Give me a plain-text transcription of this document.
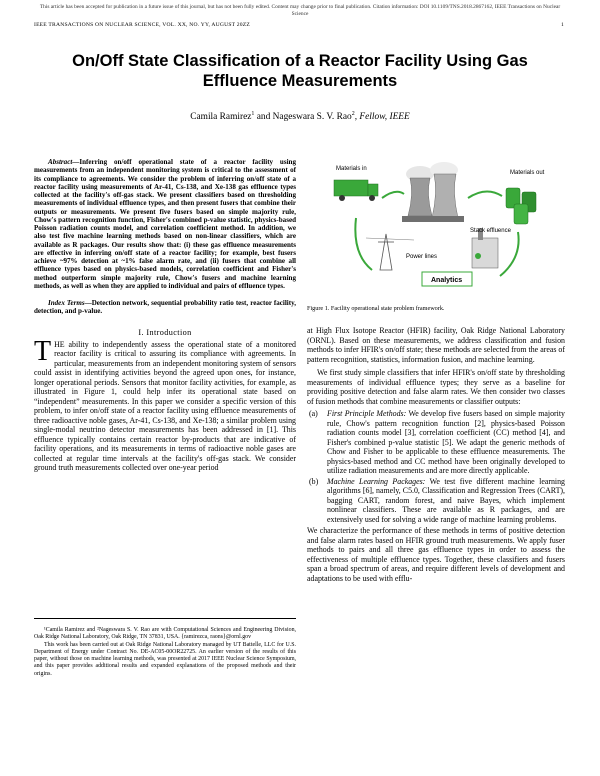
This article has been accepted for publication in a future issue of this journal, but has not been fully edited. Content may change prior to final publication. Citation information: DOI 10.1109/TNS.2018.2867162, IEEE Transactions on Nuclear Science
IEEE TRANSACTIONS ON NUCLEAR SCIENCE, VOL. XX, NO. YY, AUGUST 20ZZ	1
On/Off State Classification of a Reactor Facility Using Gas Effluence Measurements
Camila Ramirez$^1$ and Nageswara S. V. Rao$^2$, Fellow, IEEE

Abstract—Inferring on/off operational state of a reactor facility using measurements from an independent monitoring system is critical to the assessment of its compliance to agreements. We consider the problem of inferring on/off state of a reactor facility using measurements of Ar-41, Cs-138, and Xe-138 gas effluence types collected at the facility's off-gas stack. We present classifiers based on thresholding measurements of individual effluence types, and then present fusers that combine their outputs or measurements. We present five fusers based on simple majority rule, Chow's pattern recognition function, Fisher's combined p-value statistic, physics-based Poisson radiation counts model, and correlation coefficient method. In addition, we also test five machine learning methods based on non-linear classifiers, which are available as R packages. Our results show that: (i) these gas effluence measurements are effective in inferring on/off state of a reactor facility; for example, best fusers achieve ~97% detection at ~1% false alarm rate, and (ii) fusers that combine all effluence types based on physics-based models, correlation coefficient and Fisher's method outperform simple majority rule, Chow's fusers and machine learning methods, as well as when they are applied to individual and pairs of effluence types.

Index Terms—Detection network, sequential probability ratio test, reactor facility, detection, and p-value.

I. Introduction

THE ability to independently assess the operational state of a monitored reactor facility is critical to assuring its compliance with agreements. In particular, measurements from an independent monitoring system of sensors could assist in identifying activities beyond the agreed upon ones, for instance, longer operational periods. Sensors that monitor facility activities, for example, as illustrated in Figure 1, could help infer its operational state based on “independent” measurements. In this paper we consider a specific version of this problem, to infer on/off state of a reactor facility using effluence measurements of three radioactive noble gases, Ar-41, Cs-138, and Xe-138; a similar problem using single-modal neutrino detector measurements has been addressed in [1]. This effluence typically contains certain reactor by-products that are indicative of facility operations, and its measurements in terms of radioactive noble gases are collected at regular time intervals at the facility's off-gas stack. We consider ground truth measurements collected over one-year period

¹Camila Ramirez and ²Nageswara S. V. Rao are with Computational Sciences and Engineering Division, Oak Ridge National Laboratory, Oak Ridge, TN 37831, USA. {ramirezca, raons}@ornl.gov

This work has been carried out at Oak Ridge National Laboratory managed by UT Battelle, LLC for U.S. Department of Energy under Contract No. DE-AC05-00OR22725. An earlier version of the results of this paper, without those on machine learning methods, was presented at 2017 IEEE Nuclear Science Symposium, and this paper provides additional results and expanded explanations of the proposed methods and their origins.

Materials in
Materials out
Power lines
Stack effluence
Analytics
Figure 1. Facility operational state problem framework.

at High Flux Isotope Reactor (HFIR) facility, Oak Ridge National Laboratory (ORNL). Based on these measurements, we address classification and fusion methods to infer HFIR's on/off state; these methods are selected from the areas of pattern recognition, statistics, information fusion, and machine learning.

We first study simple classifiers that infer HFIR's on/off state by thresholding measurements of individual effluence types; they serve as a baseline for providing positive detection and false alarm rates. We then consider two classes of fusion methods that combine measurements or classifier outputs:

(a) First Principle Methods: We develop five fusers based on simple majority rule, Chow's pattern recognition function [2], physics-based Poisson radiation counts model [3], correlation coefficient (CC) method [4], and Fisher's combined p-value statistic [5]. We adapt the generic methods of Chow and Fisher to be applicable to these effluence measurements. The physics-based method and CC method have been originally developed to utilize radiation measurements and are more directly applicable.
(b) Machine Learning Packages: We test five different machine learning algorithms [6], namely, C5.0, Classification and Regression Trees (CART), bagging CART, random forest, and naive Bayes, which implement nonlinear classifiers. These are available as R packages, and are extensively used for solving a wide range of machine learning problems.

We characterize the performance of these methods in terms of positive detection and false alarm rates based on HFIR ground truth measurements. We apply fuser methods to pairs and all three gas effluence types in order to assess the effectiveness of multiple effluence types. Together, these classifiers and fusers span a broad spectrum of areas, and require different levels of development and adaptations to be used with efflu-
